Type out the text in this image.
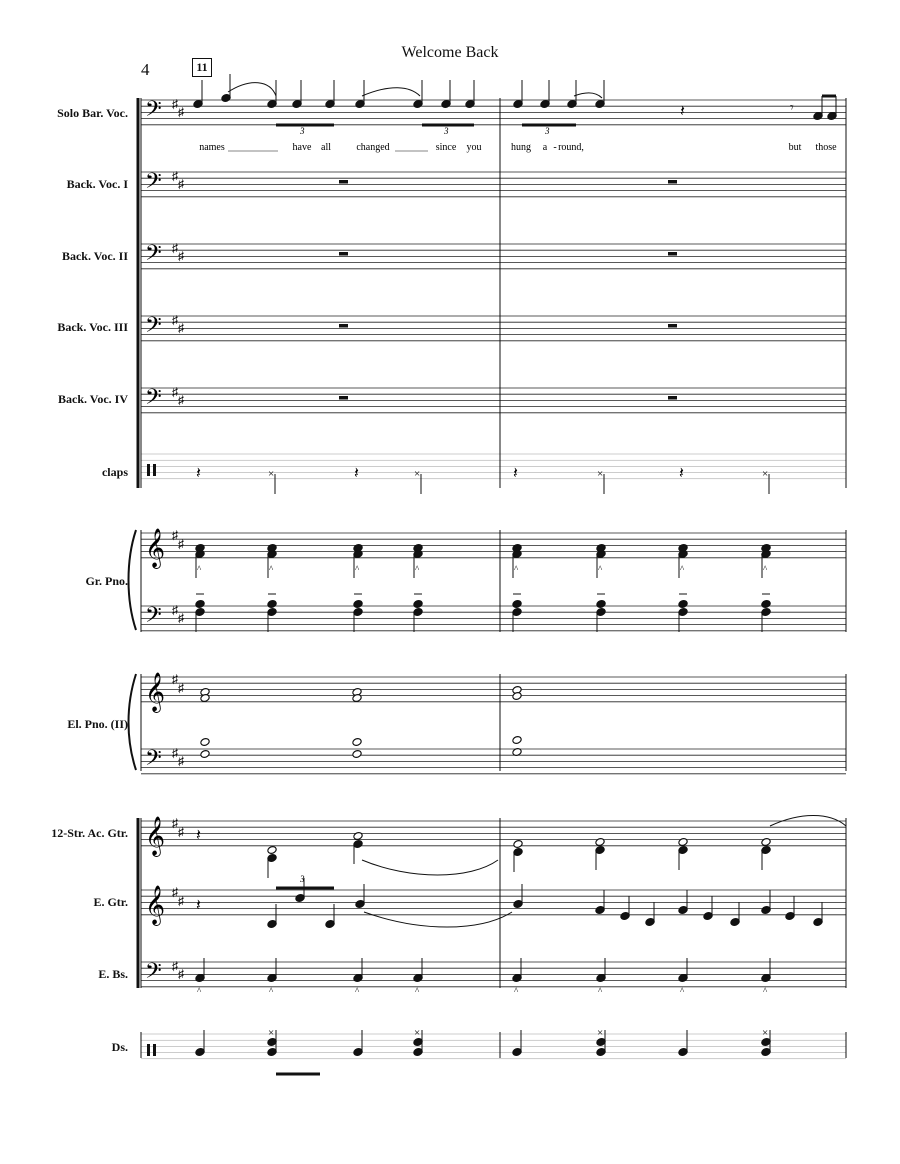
4
Welcome Back
11
Solo Bar. Voc.
Back. Voc. I
Back. Voc. II
Back. Voc. III
Back. Voc. IV
claps
Gr. Pno.
El. Pno. (II)
12-Str. Ac. Gtr.
E. Gtr.
E. Bs.
Ds.
𝄢 ♯
♯
𝄢 ♯
♯
𝄢 ♯
♯
𝄢 ♯
♯
𝄢 ♯
♯
𝄞 ♯
♯
𝄢 ♯
♯
𝄞 ♯
♯
𝄢 ♯
♯
𝄞 ♯
♯
𝄞 ♯
♯
𝄢 ♯
♯
3	3	3
𝄽	𝄾
𝄽	×	𝄽	×	𝄽	×	𝄽	×
^	^	^	^	^	^	^	^
𝄽
𝄽
3
^	^	^	^	^	^	^	^
×	×	×	×
names	have all	changed	since you	hung a - round,	but those
